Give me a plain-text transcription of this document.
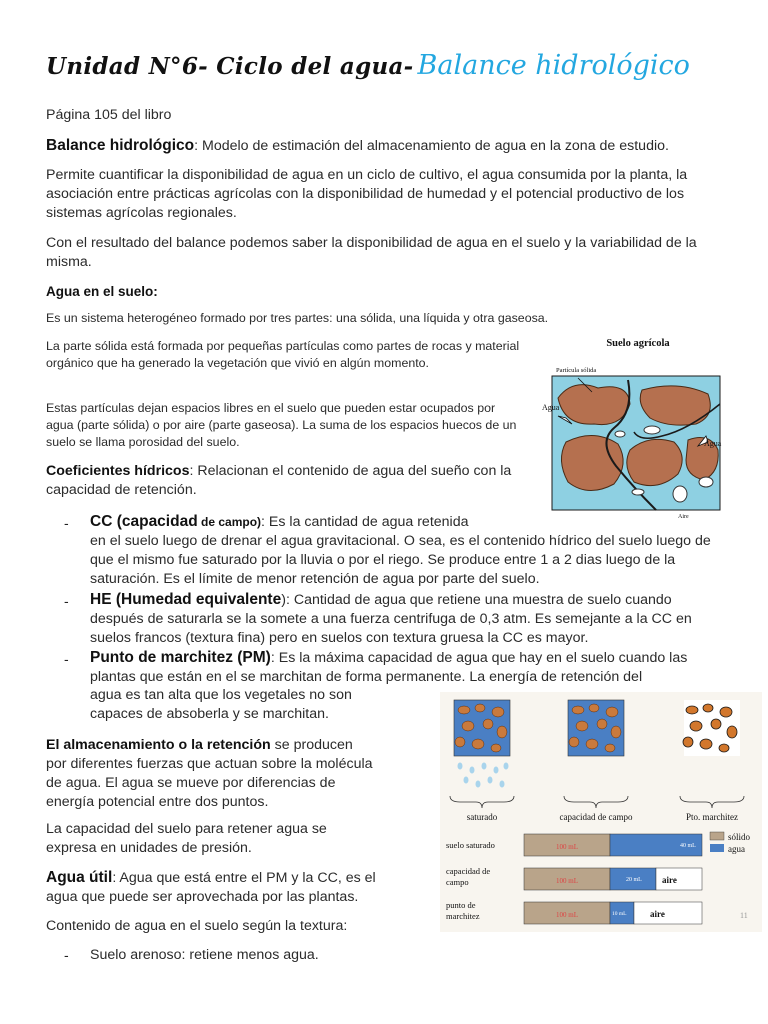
Unidad N°6- Ciclo del agua- Balance hidrológico
Página 105 del libro
Balance hidrológico: Modelo de estimación del almacenamiento de agua en la zona de estudio.
Permite cuantificar la disponibilidad de agua en un ciclo de cultivo, el agua consumida por la planta, la asociación entre prácticas agrícolas con la disponibilidad de humedad y el potencial productivo de los sistemas agrícolas regionales.
Con el resultado del balance podemos saber la disponibilidad de agua en el suelo y la variabilidad de la misma.
Agua en el suelo:
Es un sistema heterogéneo formado por tres partes: una sólida, una líquida y otra gaseosa.
La parte sólida está formada por pequeñas partículas como partes de rocas y material orgánico que ha generado la vegetación que vivió en algún momento.
Estas partículas dejan espacios libres en el suelo que pueden estar ocupados por agua (parte sólida) o por aire (parte gaseosa). La suma de los espacios huecos de un suelo se llama porosidad del suelo.
Coeficientes hídricos: Relacionan el contenido de agua del sueño con la capacidad de retención.
- CC (capacidad de campo): Es la cantidad de agua retenida
en el suelo luego de drenar el agua gravitacional. O sea, es el contenido hídrico del suelo luego de que el mismo fue saturado por la lluvia o por el riego. Se produce entre 1 a 2 dias luego de la saturación. Es el límite de menor retención de agua por parte del suelo.
- HE (Humedad equivalente): Cantidad de agua que retiene una muestra de suelo cuando después de saturarla se la somete a una fuerza centrifuga de 0,3 atm. Es semejante a la CC en suelos francos (textura fina) pero en suelos con textura gruesa la CC es mayor.
- Punto de marchitez (PM): Es la máxima capacidad de agua que hay en el suelo cuando las plantas que están en el se marchitan de forma permanente. La energía de retención del
agua es tan alta que los vegetales no son
capaces de absoberla y se marchitan.
El almacenamiento o la retención se producen por diferentes fuerzas que actuan sobre la molécula de agua. El agua se mueve por diferencias de energía potencial entre dos puntos.
La capacidad del suelo para retener agua se expresa en unidades de presión.
Agua útil: Agua que está entre el PM y la CC, es el agua que puede ser aprovechada por las plantas.
Contenido de agua en el suelo según la textura:
- Suelo arenoso: retiene menos agua.
Suelo agrícola
Partícula sólida
Agua
Agua
Aire
saturado	capacidad de campo	Pto. marchitez
sólido
agua
suelo saturado	100 mL	40 mL
capacidad de
campo	100 mL	20 mL aire
punto de
marchitez	100 mL	10 mL	aire	11
